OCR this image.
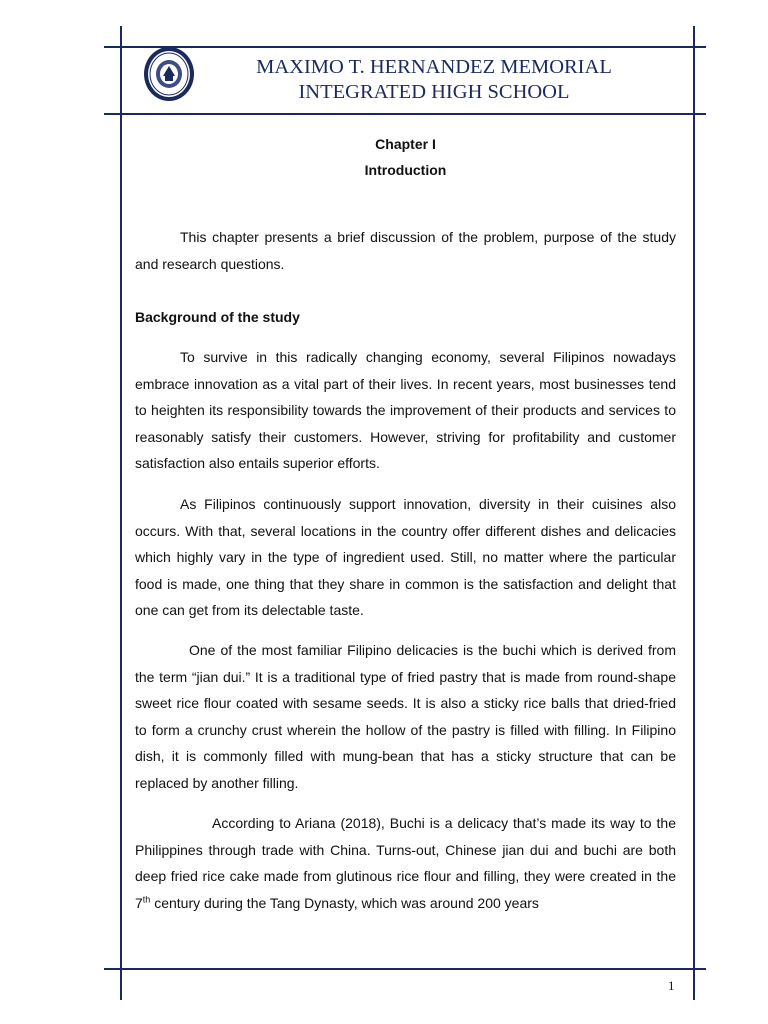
MAXIMO T. HERNANDEZ MEMORIAL
INTEGRATED HIGH SCHOOL
Chapter I
Introduction

This chapter presents a brief discussion of the problem, purpose of the study and research questions.

Background of the study

To survive in this radically changing economy, several Filipinos nowadays embrace innovation as a vital part of their lives. In recent years, most businesses tend to heighten its responsibility towards the improvement of their products and services to reasonably satisfy their customers. However, striving for profitability and customer satisfaction also entails superior efforts.

As Filipinos continuously support innovation, diversity in their cuisines also occurs. With that, several locations in the country offer different dishes and delicacies which highly vary in the type of ingredient used. Still, no matter where the particular food is made, one thing that they share in common is the satisfaction and delight that one can get from its delectable taste.

One of the most familiar Filipino delicacies is the buchi which is derived from the term “jian dui.” It is a traditional type of fried pastry that is made from round-shape sweet rice flour coated with sesame seeds. It is also a sticky rice balls that dried-fried to form a crunchy crust wherein the hollow of the pastry is filled with filling. In Filipino dish, it is commonly filled with mung-bean that has a sticky structure that can be replaced by another filling.

According to Ariana (2018), Buchi is a delicacy that’s made its way to the Philippines through trade with China. Turns-out, Chinese jian dui and buchi are both deep fried rice cake made from glutinous rice flour and filling, they were created in the 7th century during the Tang Dynasty, which was around 200 years

1
